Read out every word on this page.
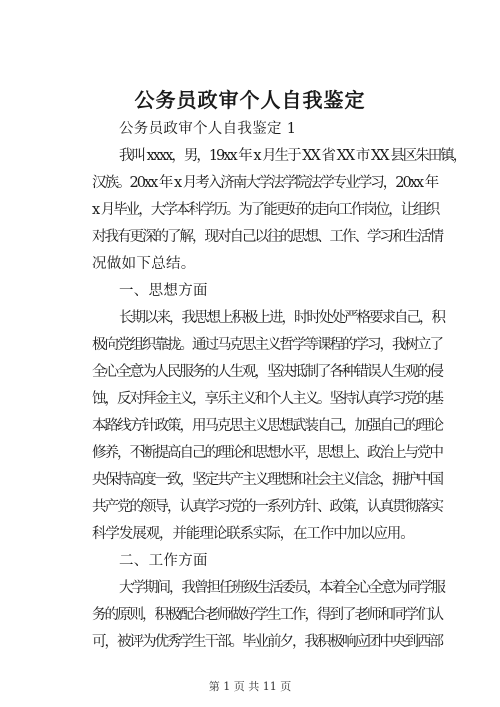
公务员政审个人自我鉴定
公务员政审个人自我鉴定 1
我叫 xxxx，男，19xx 年 x 月生于 XX 省 XX 市 XX 县区朱田镇，
汉族。20xx 年 x 月考入济南大学法学院法学专业学习，20xx 年
x 月毕业，大学本科学历。为了能更好的走向工作岗位，让组织
对我有更深的了解，现对自己以往的思想、工作、学习和生活情
况做如下总结。
一、思想方面
长期以来，我思想上积极上进，时时处处严格要求自己，积
极向党组织靠拢。通过马克思主义哲学等课程的学习，我树立了
全心全意为人民服务的人生观，坚决抵制了各种错误人生观的侵
蚀，反对拜金主义，享乐主义和个人主义。坚持认真学习党的基
本路线方针政策，用马克思主义思想武装自己，加强自己的理论
修养，不断提高自己的理论和思想水平，思想上、政治上与党中
央保持高度一致，坚定共产主义理想和社会主义信念，拥护中国
共产党的领导，认真学习党的一系列方针、政策，认真贯彻落实
科学发展观，并能理论联系实际，在工作中加以应用。
二、工作方面
大学期间，我曾担任班级生活委员，本着全心全意为同学服
务的原则，积极配合老师做好学生工作，得到了老师和同学们认
可，被评为优秀学生干部。毕业前夕，我积极响应团中央到西部
第 1 页 共 11 页
